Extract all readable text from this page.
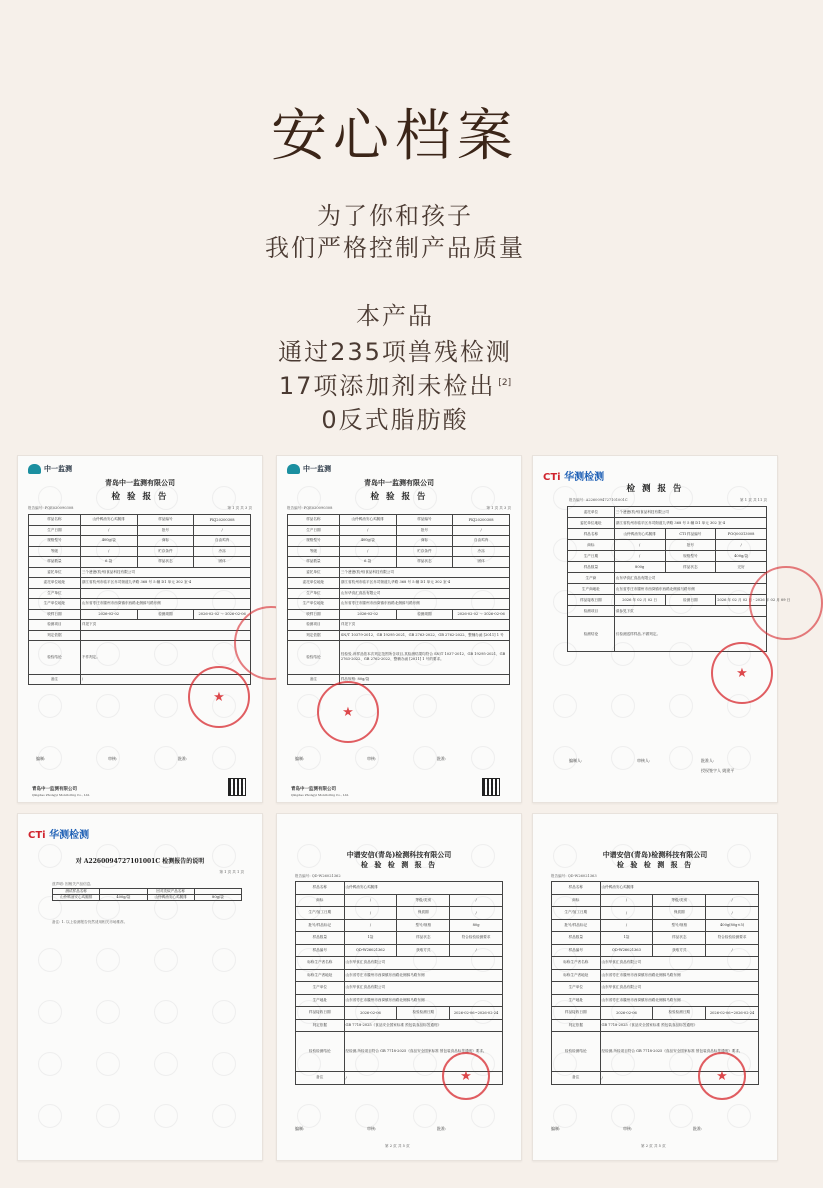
安心档案
为了你和孩子
我们严格控制产品质量
本产品
通过235项兽残检测
17项添加剂未检出 [2]
0反式脂肪酸
中一监测
青岛中一监测有限公司
检 验 报 告
报告编号: FQE020090308	第 1 页 共 3 页
样品名称	山伶鸭油安心鸡腿排	样品编号	FKJ20200308
生产日期	/	批号	/
规格型号	400g/袋	商标	自由鸡肉
等级	/	贮存条件	冷冻
样品数量	6 袋	样品状态	固体
委托单位	三个爸爸(杭州)食品科技有限公司		
委托单位地址	浙江省杭州市临平区乔司街道九华路 368 号 5 幢 D1 单元 302 室-4		
生产单位			
生产单位地址	山东省枣庄市滕州市西岗镇东西路北侧薛马路东侧		
收样日期	2026-02-02	检测周期	2026-02-02 ～ 2026-02-06
检测项目	详见下页		
判定依据			
检验结论	不作判定。		
备注	/		
★
编制:	审核:	批准:
青岛中一监测有限公司
Qingdao Zhongyi Monitoring Co., Ltd.
中一监测
青岛中一监测有限公司
检 验 报 告
报告编号: FQE020090308	第 1 页 共 3 页
样品名称	山伶鸭油安心鸡腿排	样品编号	FKJ20200308
生产日期	/	批号	/
规格型号	400g/袋	商标	自由鸡肉
等级	/	贮存条件	冷冻
样品数量	6 袋	样品状态	固体
委托单位	三个爸爸(杭州)食品科技有限公司		
委托单位地址	浙江省杭州市临平区乔司街道九华路 368 号 5 幢 D1 单元 302 室-4		
生产单位	山东华食汇食品有限公司		
生产单位地址	山东省枣庄市滕州市西岗镇东西路北侧薛马路东侧		
收样日期	2026-02-02	检测周期	2026-02-02 ～ 2026-02-06
检测项目	详见下页		
判定依据	SN/T 10379-2012、GB 19295-2021、GB 2763-2022、GB 2762-2022、整桶办函 [2011] 1 号		
检验结论	经检验,该样品依本次判定范围所含项目,其检测结果均符合 SN/T 1037-2012、GB 19295-2021、GB 2763-2022、GB 2762-2022、整桶办函 [2011] 1 号的要求。		
备注	样品规格: 80g/袋		
★
编制:	审核:	批准:
青岛中一监测有限公司
Qingdao Zhongyi Monitoring Co., Ltd.
CTi 华测检测
检 测 报 告
报告编号: A2260094727101001C	第 1 页 共 11 页
委托单位	三个爸爸(杭州)食品科技有限公司		
委托单位地址	浙江省杭州市临平区乔司街道九华路 368 号 5 幢 D1 单元 302 室-4		
样品名称	山伶鸭油安心鸡腿排	CTI 样品编号	FOQ00313008
商标	/	批号	/
生产日期	/	规格型号	400g/袋
样品数量	800g	样品状态	完好
生产商	山东华食汇食品有限公司		
生产商地址	山东省枣庄市滕州市西岗镇东西路北侧薛马路东侧		
样品接收日期	2026 年 02 月 02 日	检测日期	2026 年 02 月 02 日 - 2026 年 02 月 09 日
检测项目	请参见下页		
检测结论	仅检测送样样品,不做判定。		
★
编制人:	审核人:	批准人:
授权签字人 姚建平
CTi 华测检测
对 A2260094727101001C 检测报告的说明
第 1 页 共 1 页
兹声明: 因相关产品信息,
测试样品名称		回对类似产品名称	
山伶鸭油安心鸡腿排	400g/袋	山伶鸭油安心鸡腿排	80g/袋
备注: 1. 以上检测报告仍然适用相关市场推荐。
中谱安信(青岛)检测科技有限公司
检 验 检 测 报 告
报告编号: QD-W26021362
样品名称	山伶鸭油安心鸡腿排		
商标	/	等级/类别	/
生产/加工日期	/	保质期	/
批号/样品标记	/	型号/规格	80g
样品数量	1袋	样品状态	符合检验检测要求
样品编号	QD-W26021362	获取方式	/
标称生产者名称	山东华食汇食品有限公司		
标称生产者地址	山东省枣庄市滕州市西岗镇东西路北侧薛马路东侧		
生产单位	山东华食汇食品有限公司		
生产地址	山东省枣庄市滕州市西岗镇东西路北侧薛马路东侧		
样品接收日期	2026-02-06	检验检测日期	2026-02-06~2026-02-24
判定依据	GB 7718-2025《食品安全国家标准 预包装食品标签通则》		
检验检测结论	经检测,所检项目符合 GB 7718-2025《食品安全国家标准 预包装食品标签通则》要求。		
备注	/		
★
编制:	审核:	批准:
第 2 页 共 5 页
中谱安信(青岛)检测科技有限公司
检 验 检 测 报 告
报告编号: QD-W26021363
样品名称	山伶鸭油安心鸡腿排		
商标	/	等级/类别	/
生产/加工日期	/	保质期	/
批号/样品标记	/	型号/规格	400g(80g×5)
样品数量	1袋	样品状态	符合检验检测要求
样品编号	QD-W26021363	获取方式	/
标称生产者名称	山东华食汇食品有限公司		
标称生产者地址	山东省枣庄市滕州市西岗镇东西路北侧薛马路东侧		
生产单位	山东华食汇食品有限公司		
生产地址	山东省枣庄市滕州市西岗镇东西路北侧薛马路东侧		
样品接收日期	2026-02-06	检验检测日期	2026-02-06~2026-02-24
判定依据	GB 7718-2025《食品安全国家标准 预包装食品标签通则》		
检验检测结论	经检测,所检项目符合 GB 7718-2025《食品安全国家标准 预包装食品标签通则》要求。		
备注	/		
★
编制:	审核:	批准:
第 2 页 共 5 页
